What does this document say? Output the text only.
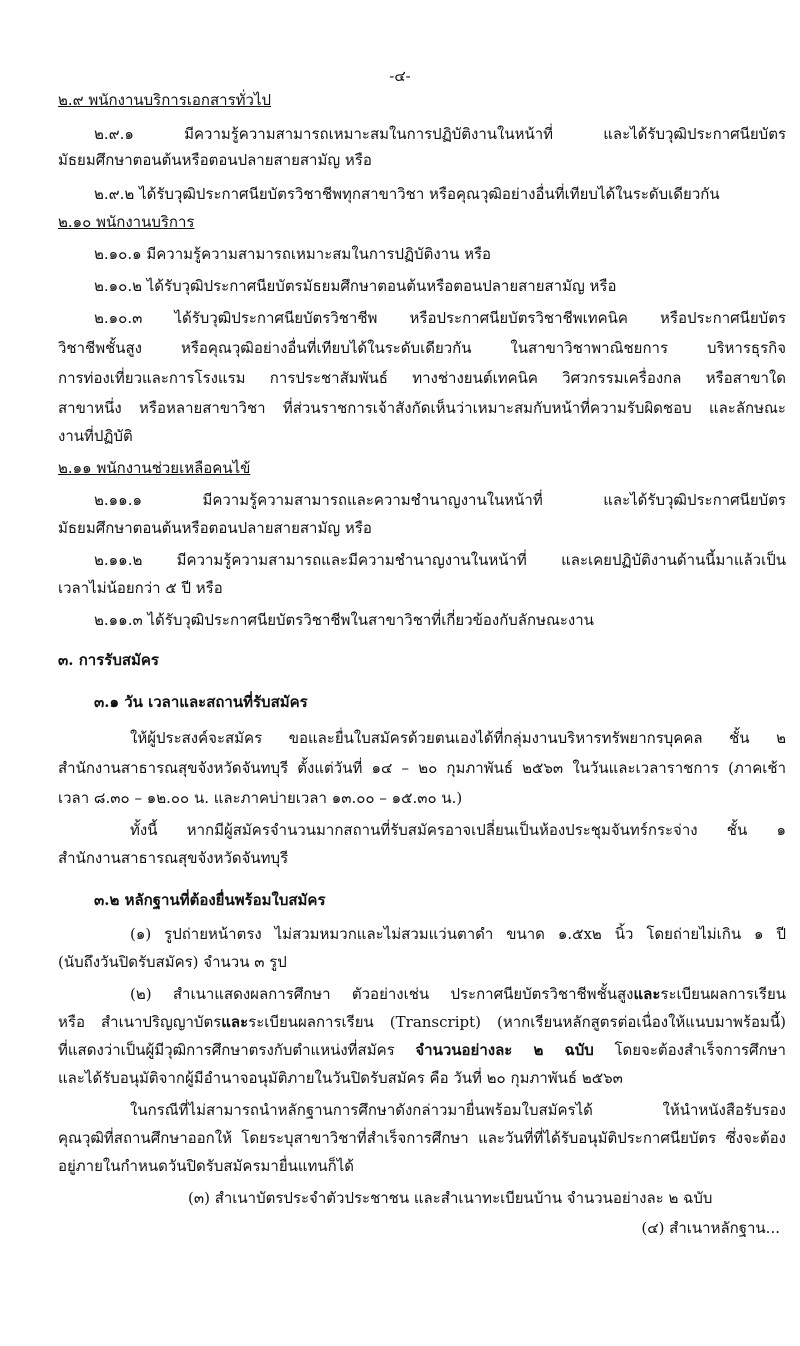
-๔-
๒.๙ พนักงานบริการเอกสารทั่วไป
๒.๙.๑ มีความรู้ความสามารถเหมาะสมในการปฏิบัติงานในหน้าที่ และได้รับวุฒิประกาศนียบัตร
มัธยมศึกษาตอนต้นหรือตอนปลายสายสามัญ หรือ
๒.๙.๒ ได้รับวุฒิประกาศนียบัตรวิชาชีพทุกสาขาวิชา หรือคุณวุฒิอย่างอื่นที่เทียบได้ในระดับเดียวกัน
๒.๑๐ พนักงานบริการ
๒.๑๐.๑ มีความรู้ความสามารถเหมาะสมในการปฏิบัติงาน หรือ
๒.๑๐.๒ ได้รับวุฒิประกาศนียบัตรมัธยมศึกษาตอนต้นหรือตอนปลายสายสามัญ หรือ
๒.๑๐.๓ ได้รับวุฒิประกาศนียบัตรวิชาชีพ หรือประกาศนียบัตรวิชาชีพเทคนิค หรือประกาศนียบัตร
วิชาชีพชั้นสูง หรือคุณวุฒิอย่างอื่นที่เทียบได้ในระดับเดียวกัน ในสาขาวิชาพาณิชยการ บริหารธุรกิจ
การท่องเที่ยวและการโรงแรม การประชาสัมพันธ์ ทางช่างยนต์เทคนิค วิศวกรรมเครื่องกล หรือสาขาใด
สาขาหนึ่ง หรือหลายสาขาวิชา ที่ส่วนราชการเจ้าสังกัดเห็นว่าเหมาะสมกับหน้าที่ความรับผิดชอบ และลักษณะ
งานที่ปฏิบัติ
๒.๑๑ พนักงานช่วยเหลือคนไข้
๒.๑๑.๑ มีความรู้ความสามารถและความชำนาญงานในหน้าที่ และได้รับวุฒิประกาศนียบัตร
มัธยมศึกษาตอนต้นหรือตอนปลายสายสามัญ หรือ
๒.๑๑.๒ มีความรู้ความสามารถและมีความชำนาญงานในหน้าที่ และเคยปฏิบัติงานด้านนี้มาแล้วเป็น
เวลาไม่น้อยกว่า ๕ ปี หรือ
๒.๑๑.๓ ได้รับวุฒิประกาศนียบัตรวิชาชีพในสาขาวิชาที่เกี่ยวข้องกับลักษณะงาน
๓. การรับสมัคร
๓.๑ วัน เวลาและสถานที่รับสมัคร
ให้ผู้ประสงค์จะสมัคร ขอและยื่นใบสมัครด้วยตนเองได้ที่กลุ่มงานบริหารทรัพยากรบุคคล ชั้น ๒
สำนักงานสาธารณสุขจังหวัดจันทบุรี ตั้งแต่วันที่ ๑๔ – ๒๐ กุมภาพันธ์ ๒๕๖๓ ในวันและเวลาราชการ (ภาคเช้า
เวลา ๘.๓๐ – ๑๒.๐๐ น. และภาคบ่ายเวลา ๑๓.๐๐ – ๑๕.๓๐ น.)
ทั้งนี้ หากมีผู้สมัครจำนวนมากสถานที่รับสมัครอาจเปลี่ยนเป็นห้องประชุมจันทร์กระจ่าง ชั้น ๑
สำนักงานสาธารณสุขจังหวัดจันทบุรี
๓.๒ หลักฐานที่ต้องยื่นพร้อมใบสมัคร
(๑) รูปถ่ายหน้าตรง ไม่สวมหมวกและไม่สวมแว่นตาดำ ขนาด ๑.๕x๒ นิ้ว โดยถ่ายไม่เกิน ๑ ปี
(นับถึงวันปิดรับสมัคร) จำนวน ๓ รูป
(๒) สำเนาแสดงผลการศึกษา ตัวอย่างเช่น ประกาศนียบัตรวิชาชีพชั้นสูงและระเบียนผลการเรียน
หรือ สำเนาปริญญาบัตรและระเบียนผลการเรียน (Transcript) (หากเรียนหลักสูตรต่อเนื่องให้แนบมาพร้อมนี้)
ที่แสดงว่าเป็นผู้มีวุฒิการศึกษาตรงกับตำแหน่งที่สมัคร จำนวนอย่างละ ๒ ฉบับ โดยจะต้องสำเร็จการศึกษา
และได้รับอนุมัติจากผู้มีอำนาจอนุมัติภายในวันปิดรับสมัคร คือ วันที่ ๒๐ กุมภาพันธ์ ๒๕๖๓
ในกรณีที่ไม่สามารถนำหลักฐานการศึกษาดังกล่าวมายื่นพร้อมใบสมัครได้ ให้นำหนังสือรับรอง
คุณวุฒิที่สถานศึกษาออกให้ โดยระบุสาขาวิชาที่สำเร็จการศึกษา และวันที่ที่ได้รับอนุมัติประกาศนียบัตร ซึ่งจะต้อง
อยู่ภายในกำหนดวันปิดรับสมัครมายื่นแทนก็ได้
(๓) สำเนาบัตรประจำตัวประชาชน และสำเนาทะเบียนบ้าน จำนวนอย่างละ ๒ ฉบับ
(๔) สำเนาหลักฐาน...
